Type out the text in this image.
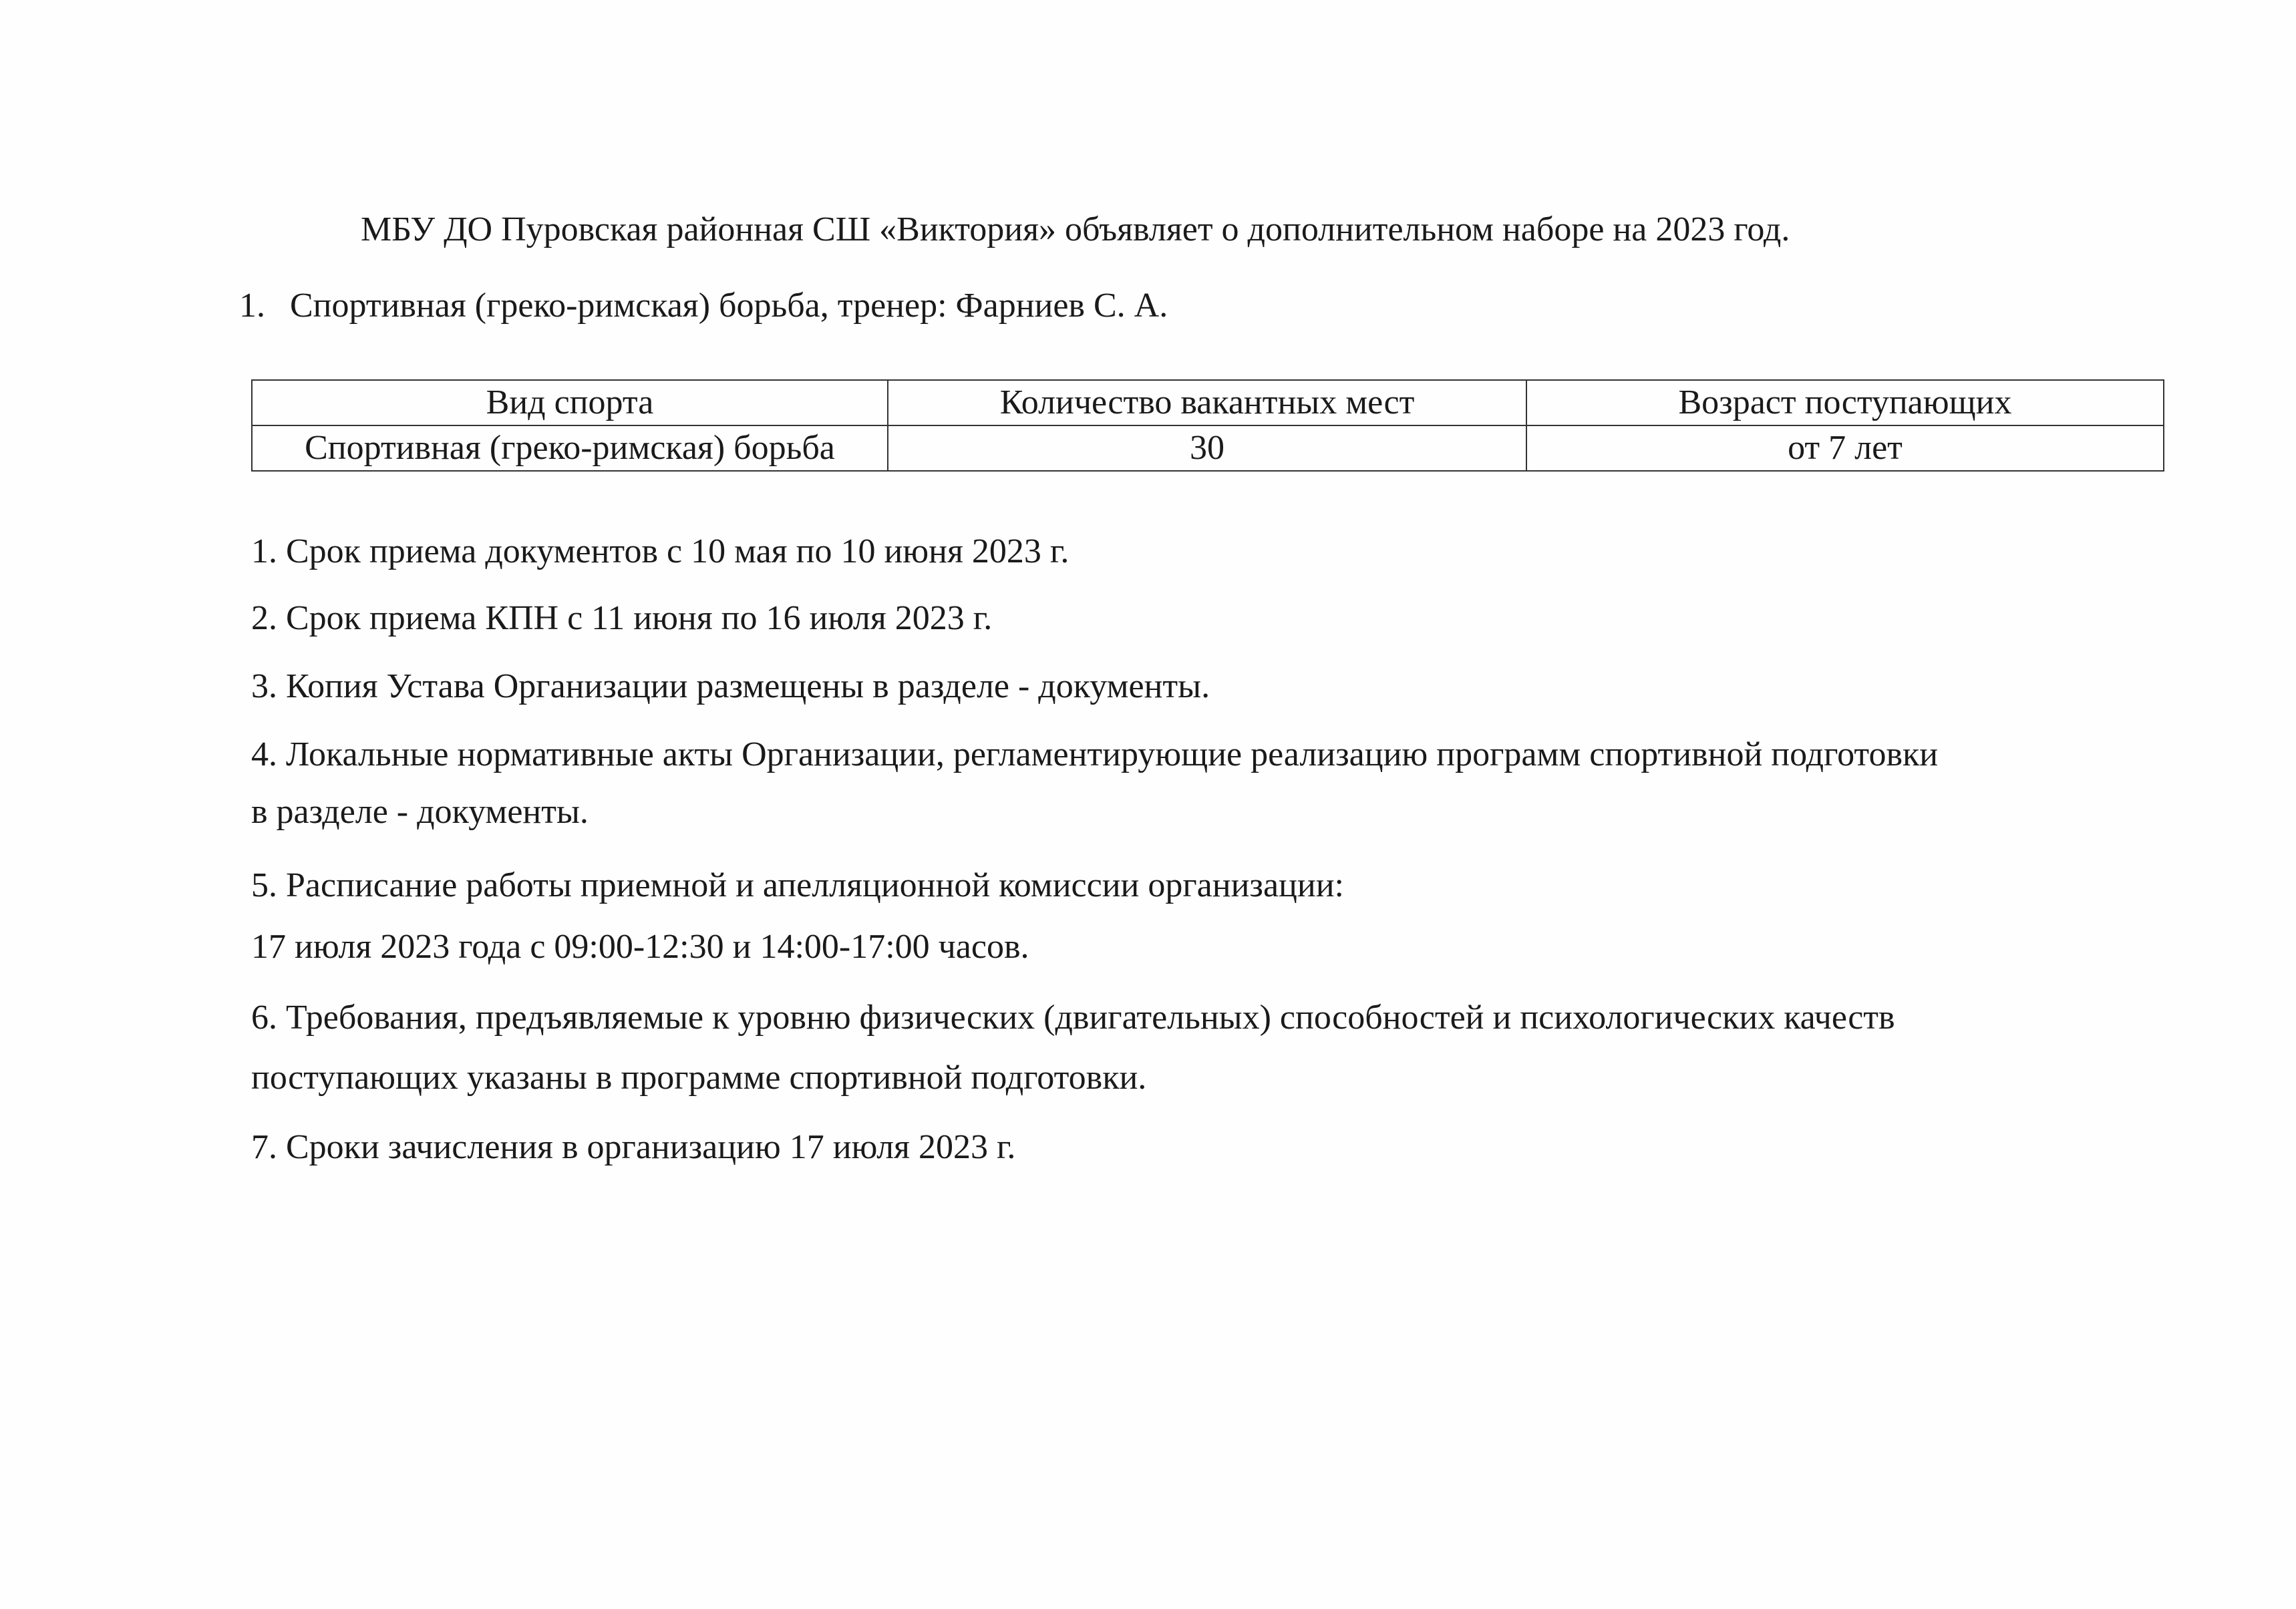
МБУ ДО Пуровская районная СШ «Виктория» объявляет о дополнительном наборе на 2023 год.
1. Спортивная (греко-римская) борьба, тренер: Фарниев С. А.
Вид спорта	Количество вакантных мест	Возраст поступающих
Спортивная (греко-римская) борьба	30	от 7 лет

1. Срок приема документов с 10 мая по 10 июня 2023 г.

2. Срок приема КПН с 11 июня по 16 июля 2023 г.

3. Копия Устава Организации размещены в разделе - документы.

4. Локальные нормативные акты Организации, регламентирующие реализацию программ спортивной подготовки

в разделе - документы.

5. Расписание работы приемной и апелляционной комиссии организации:

17 июля 2023 года с 09:00-12:30 и 14:00-17:00 часов.

6. Требования, предъявляемые к уровню физических (двигательных) способностей и психологических качеств

поступающих указаны в программе спортивной подготовки.

7. Сроки зачисления в организацию 17 июля 2023 г.
